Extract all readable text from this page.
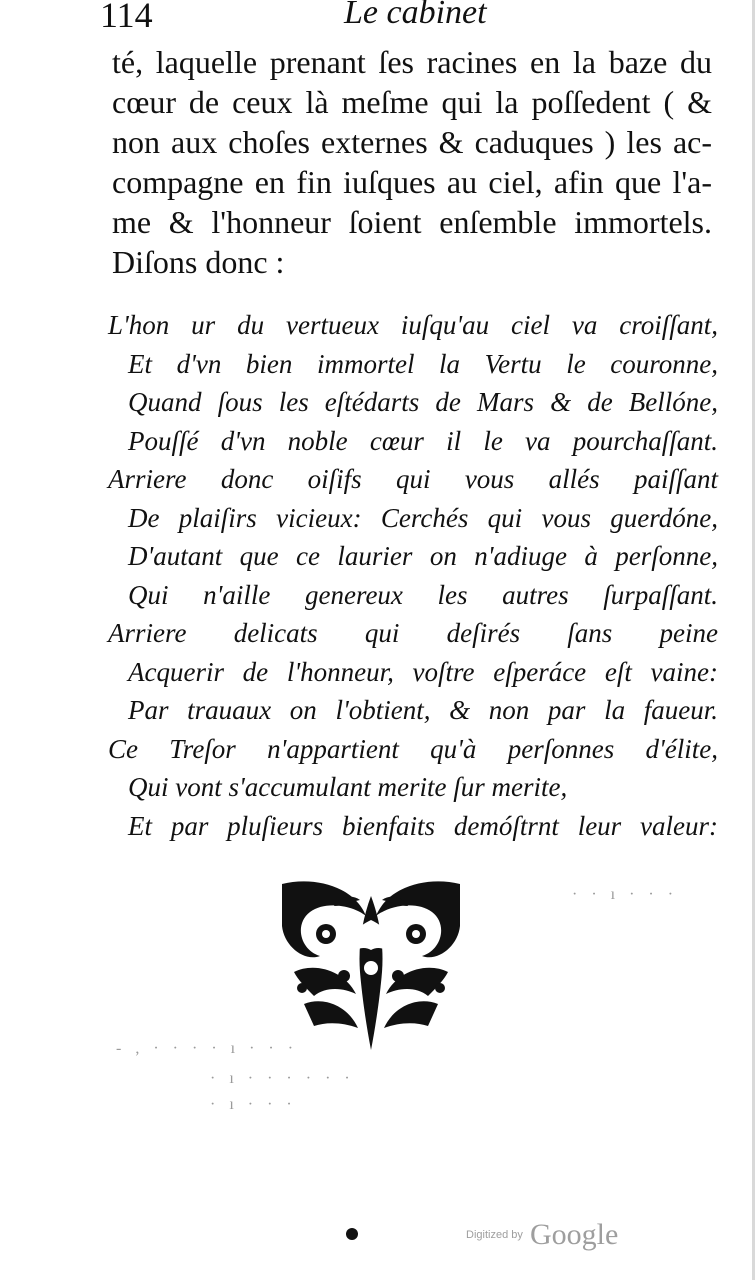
114	Le cabinet
té, laquelle prenant ſes racines en la baze du
cœur de ceux là meſme qui la poſſedent ( &
non aux choſes externes & caduques ) les ac-
compagne en fin iuſques au ciel, afin que l'a-
me & l'honneur ſoient enſemble immortels.
Diſons donc :
L'hon ur du vertueux iuſqu'au ciel va croiſſant,
Et d'vn bien immortel la Vertu le couronne,
Quand ſous les eſtédarts de Mars & de Bellóne,
Pouſſé d'vn noble cœur il le va pourchaſſant.
Arriere donc oiſifs qui vous allés paiſſant
De plaiſirs vicieux: Cerchés qui vous guerdóne,
D'autant que ce laurier on n'adiuge à perſonne,
Qui n'aille genereux les autres ſurpaſſant.
Arriere delicats qui deſirés ſans peine
Acquerir de l'honneur, voſtre eſperáce eſt vaine:
Par trauaux on l'obtient, & non par la faueur.
Ce Treſor n'appartient qu'à perſonnes d'élite,
Qui vont s'accumulant merite ſur merite,
Et par pluſieurs bienfaits demóſtrnt leur valeur:
· · ı · · ·
- , · · · · ı · · ·
· ı · · · · · ·
· ı · · ·
Digitized by Google
